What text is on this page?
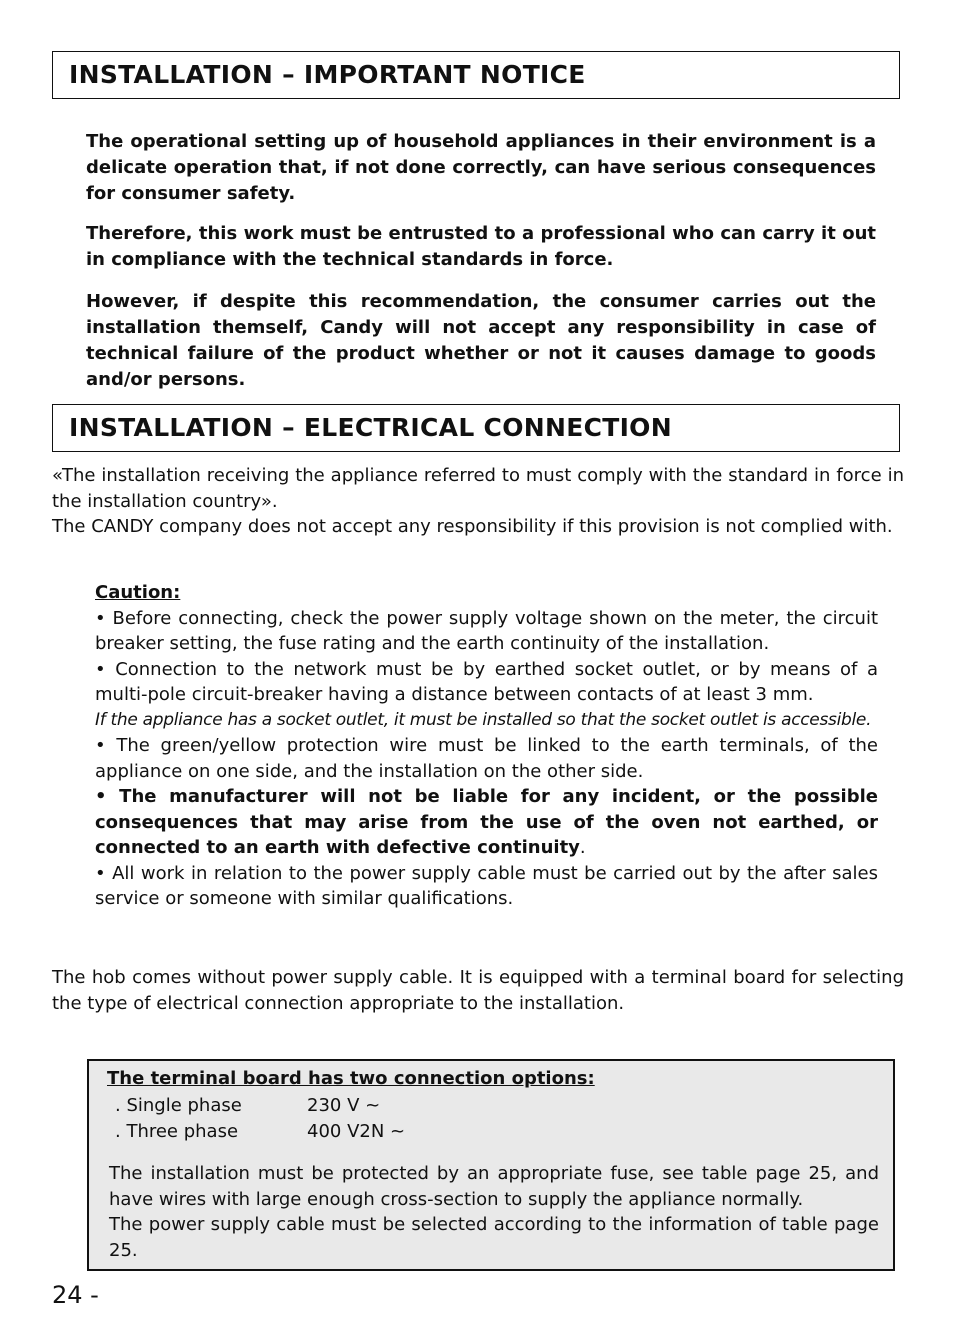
INSTALLATION – IMPORTANT NOTICE

The operational setting up of household appliances in their environment is a delicate operation that, if not done correctly, can have serious consequences for consumer safety.

Therefore, this work must be entrusted to a professional who can carry it out in compliance with the technical standards in force.

However, if despite this recommendation, the consumer carries out the installation themself, Candy will not accept any responsibility in case of technical failure of the product whether or not it causes damage to goods and/or persons.

INSTALLATION – ELECTRICAL CONNECTION

«The installation receiving the appliance referred to must comply with the standard in force in the installation country».

The CANDY company does not accept any responsibility if this provision is not complied with.

Caution:

• Before connecting, check the power supply voltage shown on the meter, the circuit breaker setting, the fuse rating and the earth continuity of the installation.

• Connection to the network must be by earthed socket outlet, or by means of a multi-pole circuit-breaker having a distance between contacts of at least 3 mm.

If the appliance has a socket outlet, it must be installed so that the socket outlet is accessible.

• The green/yellow protection wire must be linked to the earth terminals, of the appliance on one side, and the installation on the other side.

• The manufacturer will not be liable for any incident, or the possible consequences that may arise from the use of the oven not earthed, or connected to an earth with defective continuity.

• All work in relation to the power supply cable must be carried out by the after sales service or someone with similar qualifications.

The hob comes without power supply cable. It is equipped with a terminal board for selecting the type of electrical connection appropriate to the installation.

The terminal board has two connection options:
. Single phase	230 V ~
. Three phase	400 V2N ~
The installation must be protected by an appropriate fuse, see table page 25, and have wires with large enough cross-section to supply the appliance normally.
The power supply cable must be selected according to the information of table page 25.
24 -
